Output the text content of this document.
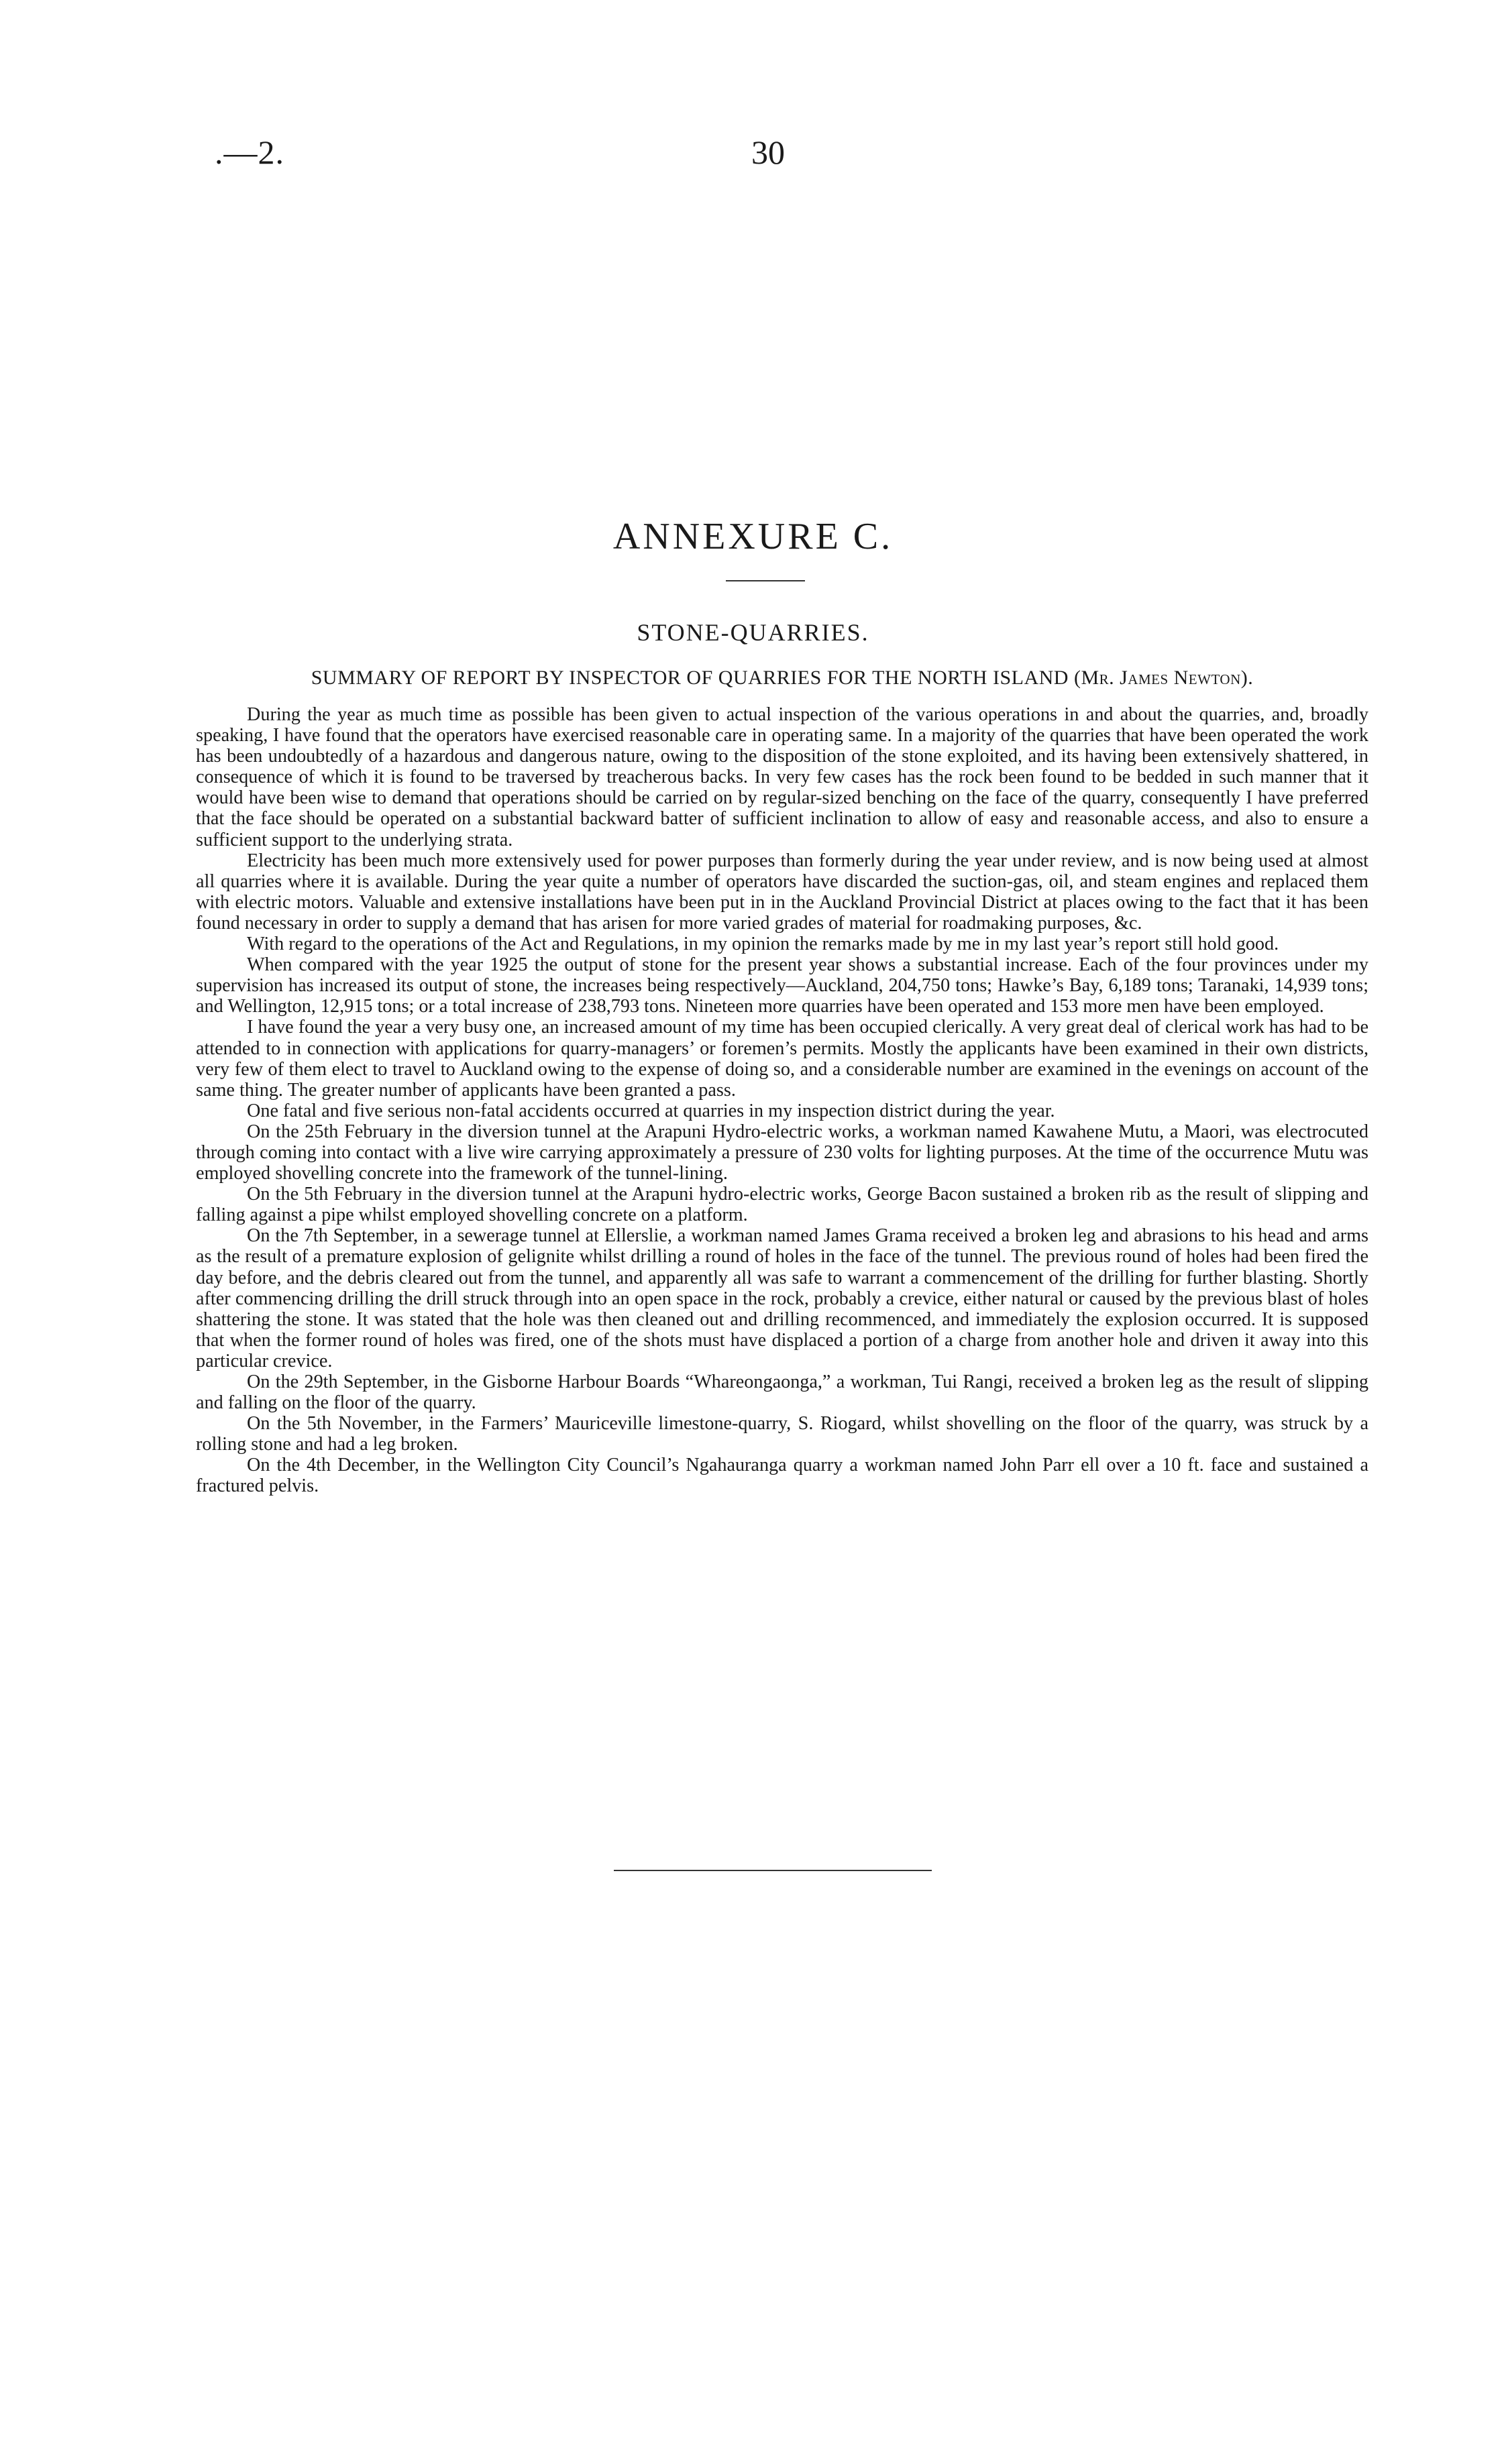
.—2.	30
ANNEXURE C.
STONE-QUARRIES.
SUMMARY OF REPORT BY INSPECTOR OF QUARRIES FOR THE NORTH ISLAND (Mr. James Newton).

During the year as much time as possible has been given to actual inspection of the various operations in and about the quarries, and, broadly speaking, I have found that the operators have exercised reasonable care in operating same. In a majority of the quarries that have been operated the work has been undoubtedly of a hazardous and dangerous nature, owing to the disposition of the stone exploited, and its having been extensively shattered, in consequence of which it is found to be traversed by treacherous backs. In very few cases has the rock been found to be bedded in such manner that it would have been wise to demand that operations should be carried on by regular-sized benching on the face of the quarry, consequently I have preferred that the face should be operated on a substantial backward batter of sufficient inclination to allow of easy and reasonable access, and also to ensure a sufficient support to the underlying strata.

Electricity has been much more extensively used for power purposes than formerly during the year under review, and is now being used at almost all quarries where it is available. During the year quite a number of operators have discarded the suction-gas, oil, and steam engines and replaced them with electric motors. Valuable and extensive installations have been put in in the Auckland Provincial District at places owing to the fact that it has been found necessary in order to supply a demand that has arisen for more varied grades of material for roadmaking purposes, &c.

With regard to the operations of the Act and Regulations, in my opinion the remarks made by me in my last year’s report still hold good.

When compared with the year 1925 the output of stone for the present year shows a substantial increase. Each of the four provinces under my supervision has increased its output of stone, the increases being respectively—Auckland, 204,750 tons; Hawke’s Bay, 6,189 tons; Taranaki, 14,939 tons; and Wellington, 12,915 tons; or a total increase of 238,793 tons. Nineteen more quarries have been operated and 153 more men have been employed.

I have found the year a very busy one, an increased amount of my time has been occupied clerically. A very great deal of clerical work has had to be attended to in connection with applications for quarry-managers’ or foremen’s permits. Mostly the applicants have been examined in their own districts, very few of them elect to travel to Auckland owing to the expense of doing so, and a considerable number are examined in the evenings on account of the same thing. The greater number of applicants have been granted a pass.

One fatal and five serious non-fatal accidents occurred at quarries in my inspection district during the year.

On the 25th February in the diversion tunnel at the Arapuni Hydro-electric works, a workman named Kawahene Mutu, a Maori, was electrocuted through coming into contact with a live wire carrying approximately a pressure of 230 volts for lighting purposes. At the time of the occurrence Mutu was employed shovelling concrete into the framework of the tunnel-lining.

On the 5th February in the diversion tunnel at the Arapuni hydro-electric works, George Bacon sustained a broken rib as the result of slipping and falling against a pipe whilst employed shovelling concrete on a platform.

On the 7th September, in a sewerage tunnel at Ellerslie, a workman named James Grama received a broken leg and abrasions to his head and arms as the result of a premature explosion of gelignite whilst drilling a round of holes in the face of the tunnel. The previous round of holes had been fired the day before, and the debris cleared out from the tunnel, and apparently all was safe to warrant a commencement of the drilling for further blasting. Shortly after commencing drilling the drill struck through into an open space in the rock, probably a crevice, either natural or caused by the previous blast of holes shattering the stone. It was stated that the hole was then cleaned out and drilling recommenced, and immediately the explosion occurred. It is supposed that when the former round of holes was fired, one of the shots must have displaced a portion of a charge from another hole and driven it away into this particular crevice.

On the 29th September, in the Gisborne Harbour Boards “Whareongaonga,” a workman, Tui Rangi, received a broken leg as the result of slipping and falling on the floor of the quarry.

On the 5th November, in the Farmers’ Mauriceville limestone-quarry, S. Riogard, whilst shovelling on the floor of the quarry, was struck by a rolling stone and had a leg broken.

On the 4th December, in the Wellington City Council’s Ngahauranga quarry a workman named John Parr ell over a 10 ft. face and sustained a fractured pelvis.
